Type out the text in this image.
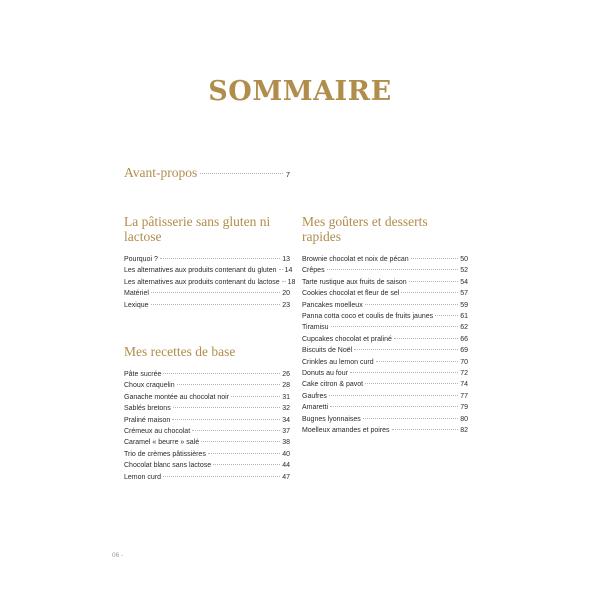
SOMMAIRE
Avant-propos	7
La pâtisserie sans gluten ni lactose
Pourquoi ?	13
Les alternatives aux produits contenant du gluten 14
Les alternatives aux produits contenant du lactose 18
Matériel	20
Lexique	23
Mes recettes de base
Pâte sucrée	26
Choux craquelin	28
Ganache montée au chocolat noir	31
Sablés bretons	32
Praliné maison	34
Crémeux au chocolat	37
Caramel « beurre » salé	38
Trio de crèmes pâtissières	40
Chocolat blanc sans lactose	44
Lemon curd	47
Mes goûters et desserts rapides
Brownie chocolat et noix de pécan	50
Crêpes	52
Tarte rustique aux fruits de saison	54
Cookies chocolat et fleur de sel	57
Pancakes moelleux	59
Panna cotta coco et coulis de fruits jaunes	61
Tiramisu	62
Cupcakes chocolat et praliné	66
Biscuits de Noël	69
Crinkles au lemon curd	70
Donuts au four	72
Cake citron & pavot	74
Gaufres	77
Amaretti	79
Bugnes lyonnaises	80
Moelleux amandes et poires	82
06 -
